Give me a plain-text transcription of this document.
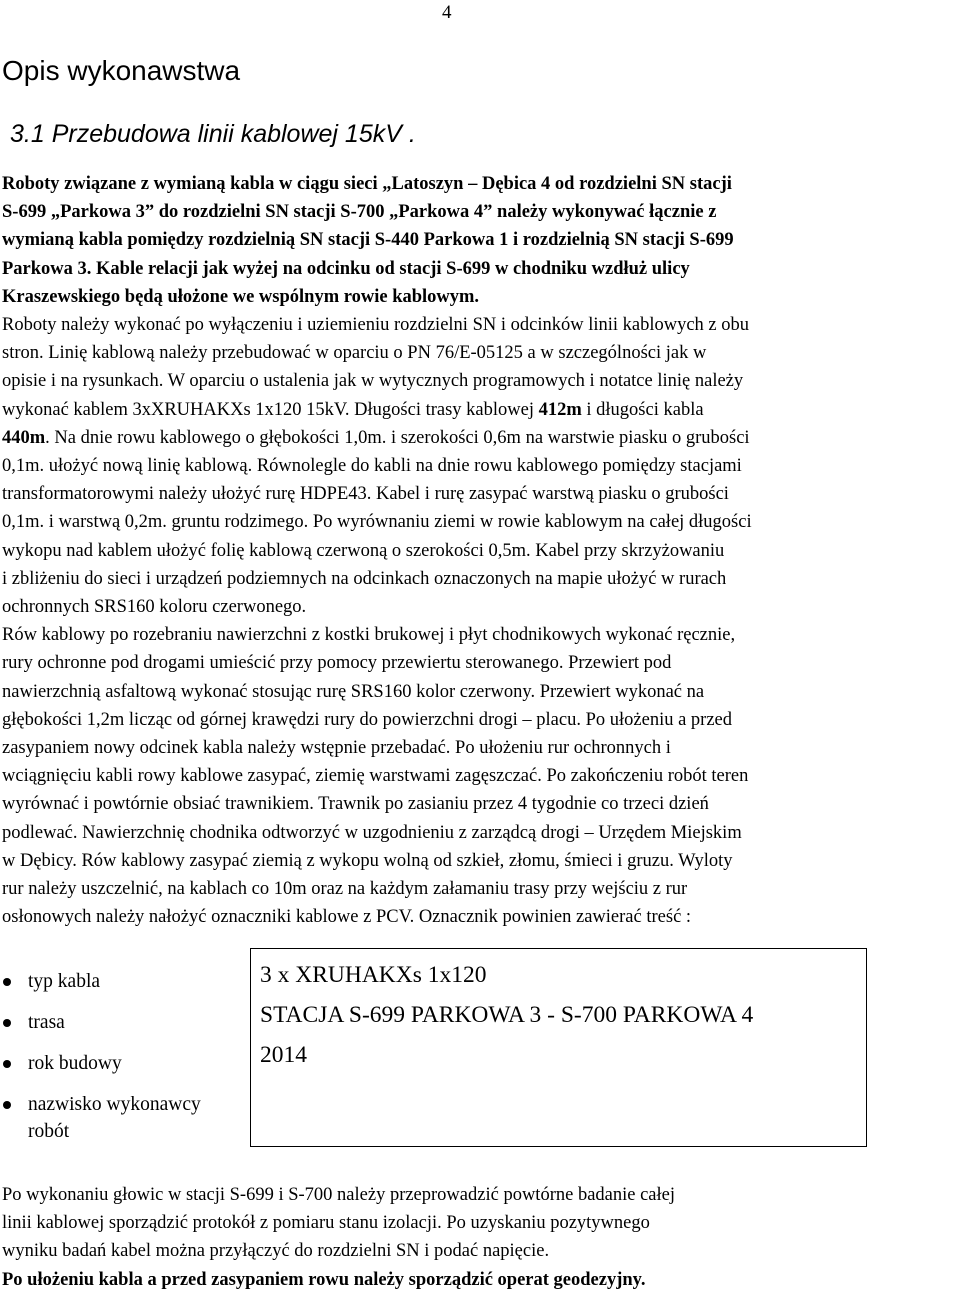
4
Opis wykonawstwa
3.1 Przebudowa linii kablowej 15kV .
Roboty związane z wymianą kabla w ciągu sieci „Latoszyn – Dębica 4 od rozdzielni SN stacji
S-699 „Parkowa 3” do rozdzielni SN stacji S-700 „Parkowa 4” należy wykonywać łącznie z
wymianą kabla pomiędzy rozdzielnią SN stacji S-440 Parkowa 1 i rozdzielnią SN stacji S-699
Parkowa 3. Kable relacji jak wyżej na odcinku od stacji S-699 w chodniku wzdłuż ulicy
Kraszewskiego będą ułożone we wspólnym rowie kablowym.
Roboty należy wykonać po wyłączeniu i uziemieniu rozdzielni SN i odcinków linii kablowych z obu
stron. Linię kablową należy przebudować w oparciu o PN 76/E-05125 a w szczególności jak w
opisie i na rysunkach. W oparciu o ustalenia jak w wytycznych programowych i notatce linię należy
wykonać kablem 3xXRUHAKXs 1x120 15kV. Długości trasy kablowej 412m i długości kabla
440m. Na dnie rowu kablowego o głębokości 1,0m. i szerokości 0,6m na warstwie piasku o grubości
0,1m. ułożyć nową linię kablową. Równolegle do kabli na dnie rowu kablowego pomiędzy stacjami
transformatorowymi należy ułożyć rurę HDPE43. Kabel i rurę zasypać warstwą piasku o grubości
0,1m. i warstwą 0,2m. gruntu rodzimego. Po wyrównaniu ziemi w rowie kablowym na całej długości
wykopu nad kablem ułożyć folię kablową czerwoną o szerokości 0,5m. Kabel przy skrzyżowaniu
i zbliżeniu do sieci i urządzeń podziemnych na odcinkach oznaczonych na mapie ułożyć w rurach
ochronnych SRS160 koloru czerwonego.
Rów kablowy po rozebraniu nawierzchni z kostki brukowej i płyt chodnikowych wykonać ręcznie,
rury ochronne pod drogami umieścić przy pomocy przewiertu sterowanego. Przewiert pod
nawierzchnią asfaltową wykonać stosując rurę SRS160 kolor czerwony. Przewiert wykonać na
głębokości 1,2m licząc od górnej krawędzi rury do powierzchni drogi – placu. Po ułożeniu a przed
zasypaniem nowy odcinek kabla należy wstępnie przebadać. Po ułożeniu rur ochronnych i
wciągnięciu kabli rowy kablowe zasypać, ziemię warstwami zagęszczać. Po zakończeniu robót teren
wyrównać i powtórnie obsiać trawnikiem. Trawnik po zasianiu przez 4 tygodnie co trzeci dzień
podlewać. Nawierzchnię chodnika odtworzyć w uzgodnieniu z zarządcą drogi – Urzędem Miejskim
w Dębicy. Rów kablowy zasypać ziemią z wykopu wolną od szkieł, złomu, śmieci i gruzu. Wyloty
rur należy uszczelnić, na kablach co 10m oraz na każdym załamaniu trasy przy wejściu z rur
osłonowych należy nałożyć oznaczniki kablowe z PCV. Oznacznik powinien zawierać treść :
typ kabla
trasa
rok budowy
nazwisko wykonawcy robót
3 x XRUHAKXs 1x120
STACJA S-699 PARKOWA 3 - S-700 PARKOWA 4
2014
Po wykonaniu głowic w stacji S-699 i S-700 należy przeprowadzić powtórne badanie całej
linii kablowej sporządzić protokół z pomiaru stanu izolacji. Po uzyskaniu pozytywnego
wyniku badań kabel można przyłączyć do rozdzielni SN i podać napięcie.
Po ułożeniu kabla a przed zasypaniem rowu należy sporządzić operat geodezyjny.
